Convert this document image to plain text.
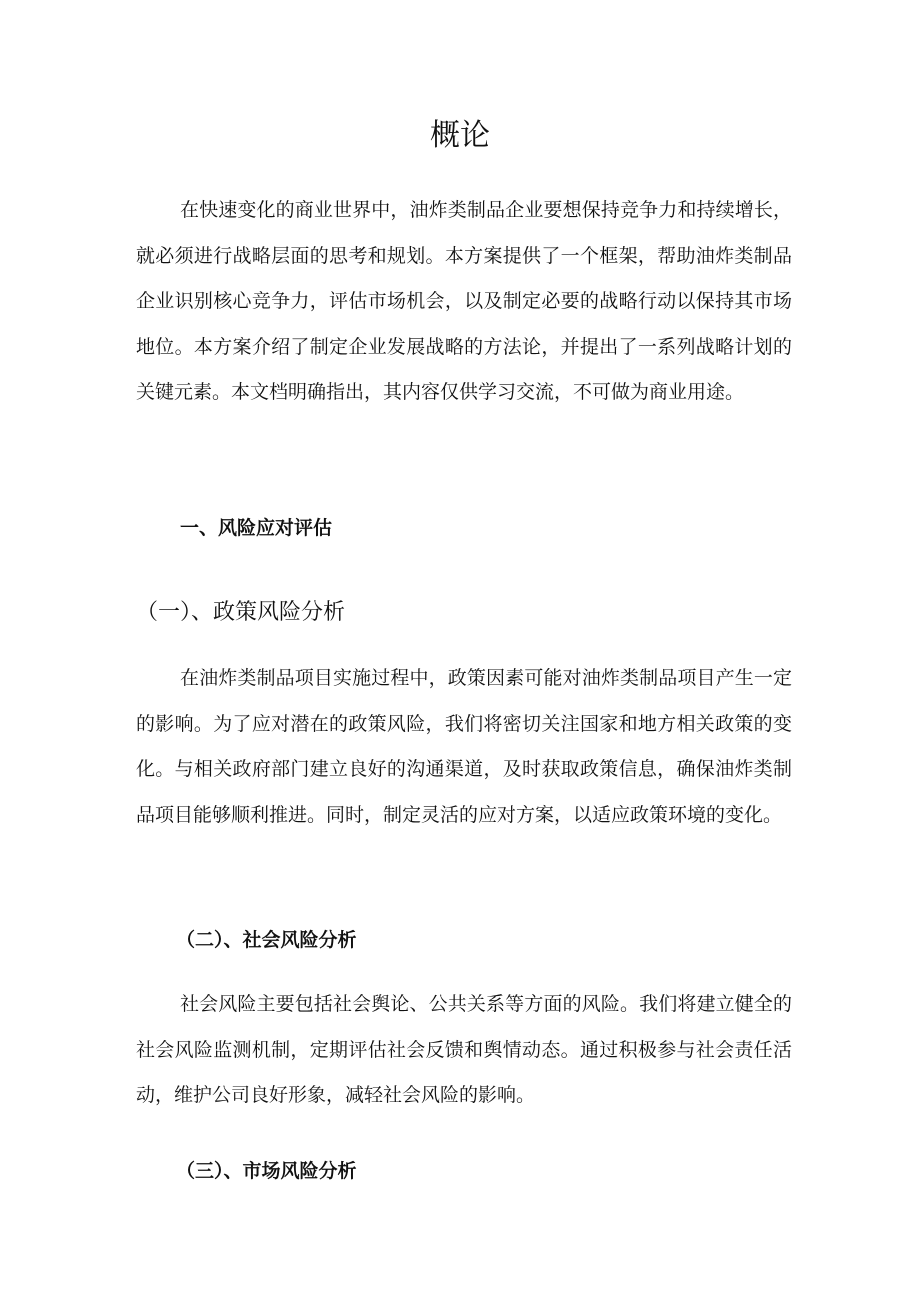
概论

在快速变化的商业世界中，油炸类制品企业要想保持竞争力和持续增长，就必须进行战略层面的思考和规划。本方案提供了一个框架，帮助油炸类制品企业识别核心竞争力，评估市场机会，以及制定必要的战略行动以保持其市场地位。本方案介绍了制定企业发展战略的方法论，并提出了一系列战略计划的关键元素。本文档明确指出，其内容仅供学习交流，不可做为商业用途。

一、风险应对评估
（一）、政策风险分析

在油炸类制品项目实施过程中，政策因素可能对油炸类制品项目产生一定的影响。为了应对潜在的政策风险，我们将密切关注国家和地方相关政策的变化。与相关政府部门建立良好的沟通渠道，及时获取政策信息，确保油炸类制品项目能够顺利推进。同时，制定灵活的应对方案，以适应政策环境的变化。

（二）、社会风险分析

社会风险主要包括社会舆论、公共关系等方面的风险。我们将建立健全的社会风险监测机制，定期评估社会反馈和舆情动态。通过积极参与社会责任活动，维护公司良好形象，减轻社会风险的影响。

（三）、市场风险分析
